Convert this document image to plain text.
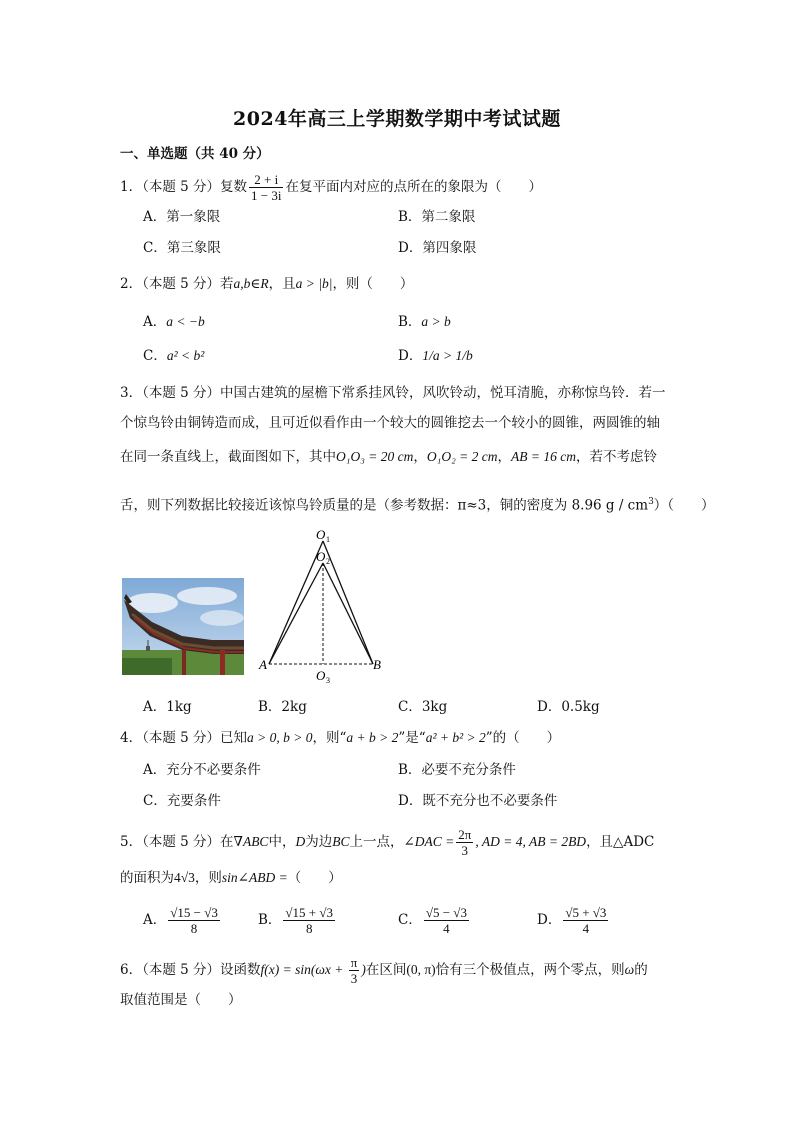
2024年高三上学期数学期中考试试题
一、单选题（共 40 分）
1．（本题 5 分）复数 $\frac{2 + i}{1 - 3i}$ 在复平面内对应的点所在的象限为（　　）
A．第一象限	B．第二象限
C．第三象限	D．第四象限
2．（本题 5 分）若a,b∈R，且a > |b|，则（　　）
A．a < −b	B．a > b
C．a² < b²	D．1/a > 1/b
3．（本题 5 分）中国古建筑的屋檐下常系挂风铃，风吹铃动，悦耳清脆，亦称惊鸟铃．若一
个惊鸟铃由铜铸造而成，且可近似看作由一个较大的圆锥挖去一个较小的圆锥，两圆锥的轴
在同一条直线上，截面图如下，其中O₁O₃ = 20 cm，O₁O₂ = 2 cm，AB = 16 cm，若不考虑铃
舌，则下列数据比较接近该惊鸟铃质量的是（参考数据：π≈3，铜的密度为 8.96 g / $cm^3$）（　　）
O 1
O 2
O 3
A	B
A．1kg	B．2kg	C．3kg	D．0.5kg
4．（本题 5 分）已知a > 0, b > 0，则“a + b > 2”是“a² + b² > 2”的（　　）
A．充分不必要条件	B．必要不充分条件
C．充要条件	D．既不充分也不必要条件
5．（本题 5 分）在∇ABC中，D为边BC上一点，∠DAC = $\frac{2\pi}{3}$ , AD = 4, AB = 2BD，且△ADC
的面积为4√3，则sin∠ABD =（　　）
A． $\frac{√15 - √3}{8}$	B． $\frac{√15 + √3}{8}$	C． $\frac{√5 - √3}{4}$	D． $\frac{√5 + √3}{4}$
6．（本题 5 分）设函数$f(x) = \sin(\omega x + \frac{\pi}{3}$ )在区间(0, π)恰有三个极值点，两个零点，则ω的
取值范围是（　　）
